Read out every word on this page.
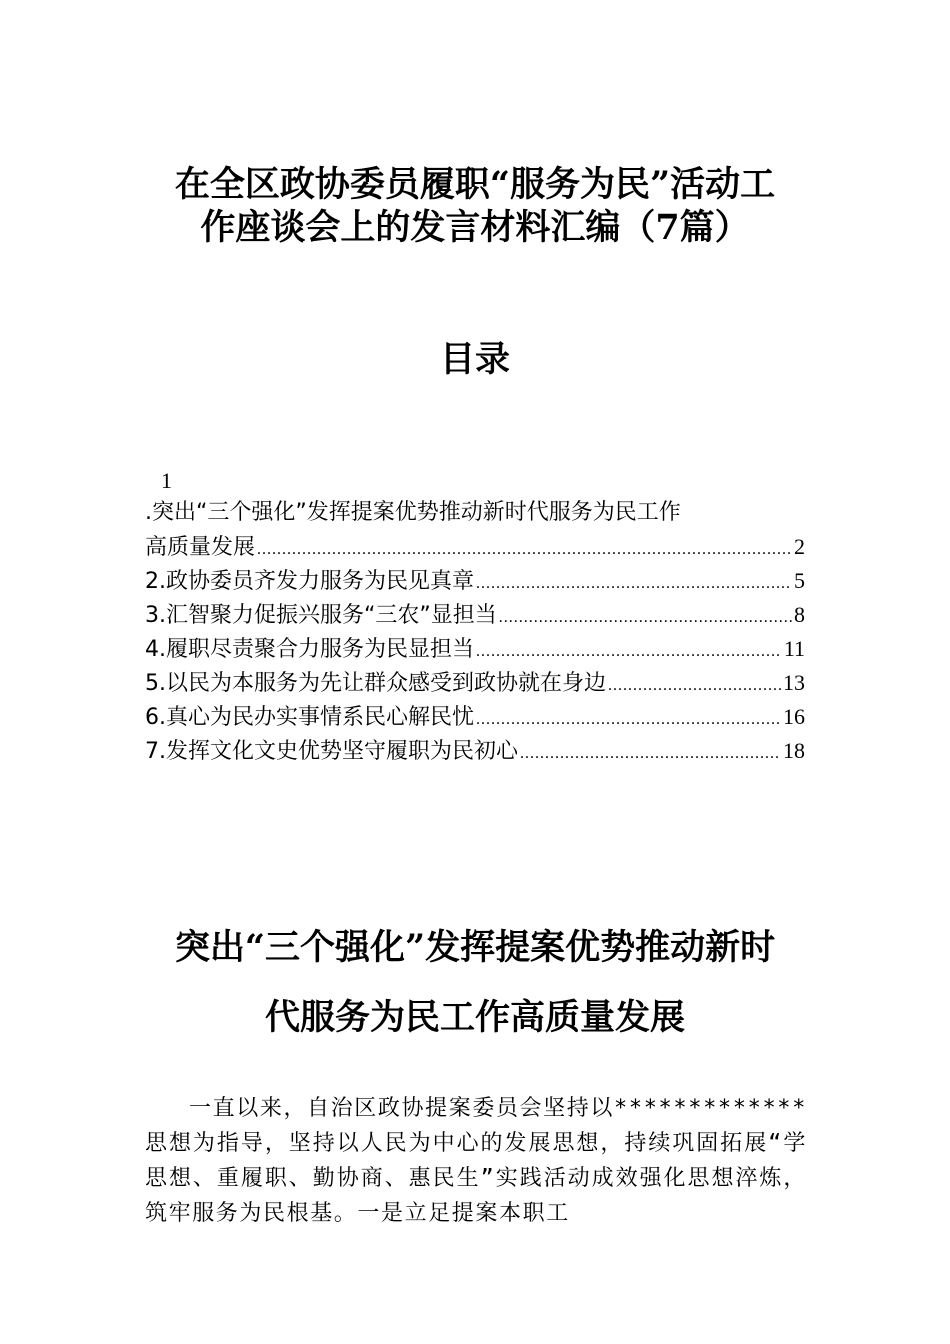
在全区政协委员履职“服务为民”活动工
作座谈会上的发言材料汇编（7篇）
目录
1
.突出“三个强化”发挥提案优势推动新时代服务为民工作
高质量发展 .....	2
2.政协委员齐发力服务为民见真章 .....	5
3.汇智聚力促振兴服务“三农”显担当 .....	8
4.履职尽责聚合力服务为民显担当 .....	11
5.以民为本服务为先让群众感受到政协就在身边 .....	13
6.真心为民办实事情系民心解民忧 .....	16
7.发挥文化文史优势坚守履职为民初心 .....	18
突出“三个强化”发挥提案优势推动新时
代服务为民工作高质量发展
一直以来，自治区政协提案委员会坚持以*************思想为指导，坚持以人民为中心的发展思想，持续巩固拓展“学思想、重履职、勤协商、惠民生”实践活动成效强化思想淬炼，筑牢服务为民根基。一是立足提案本职工
